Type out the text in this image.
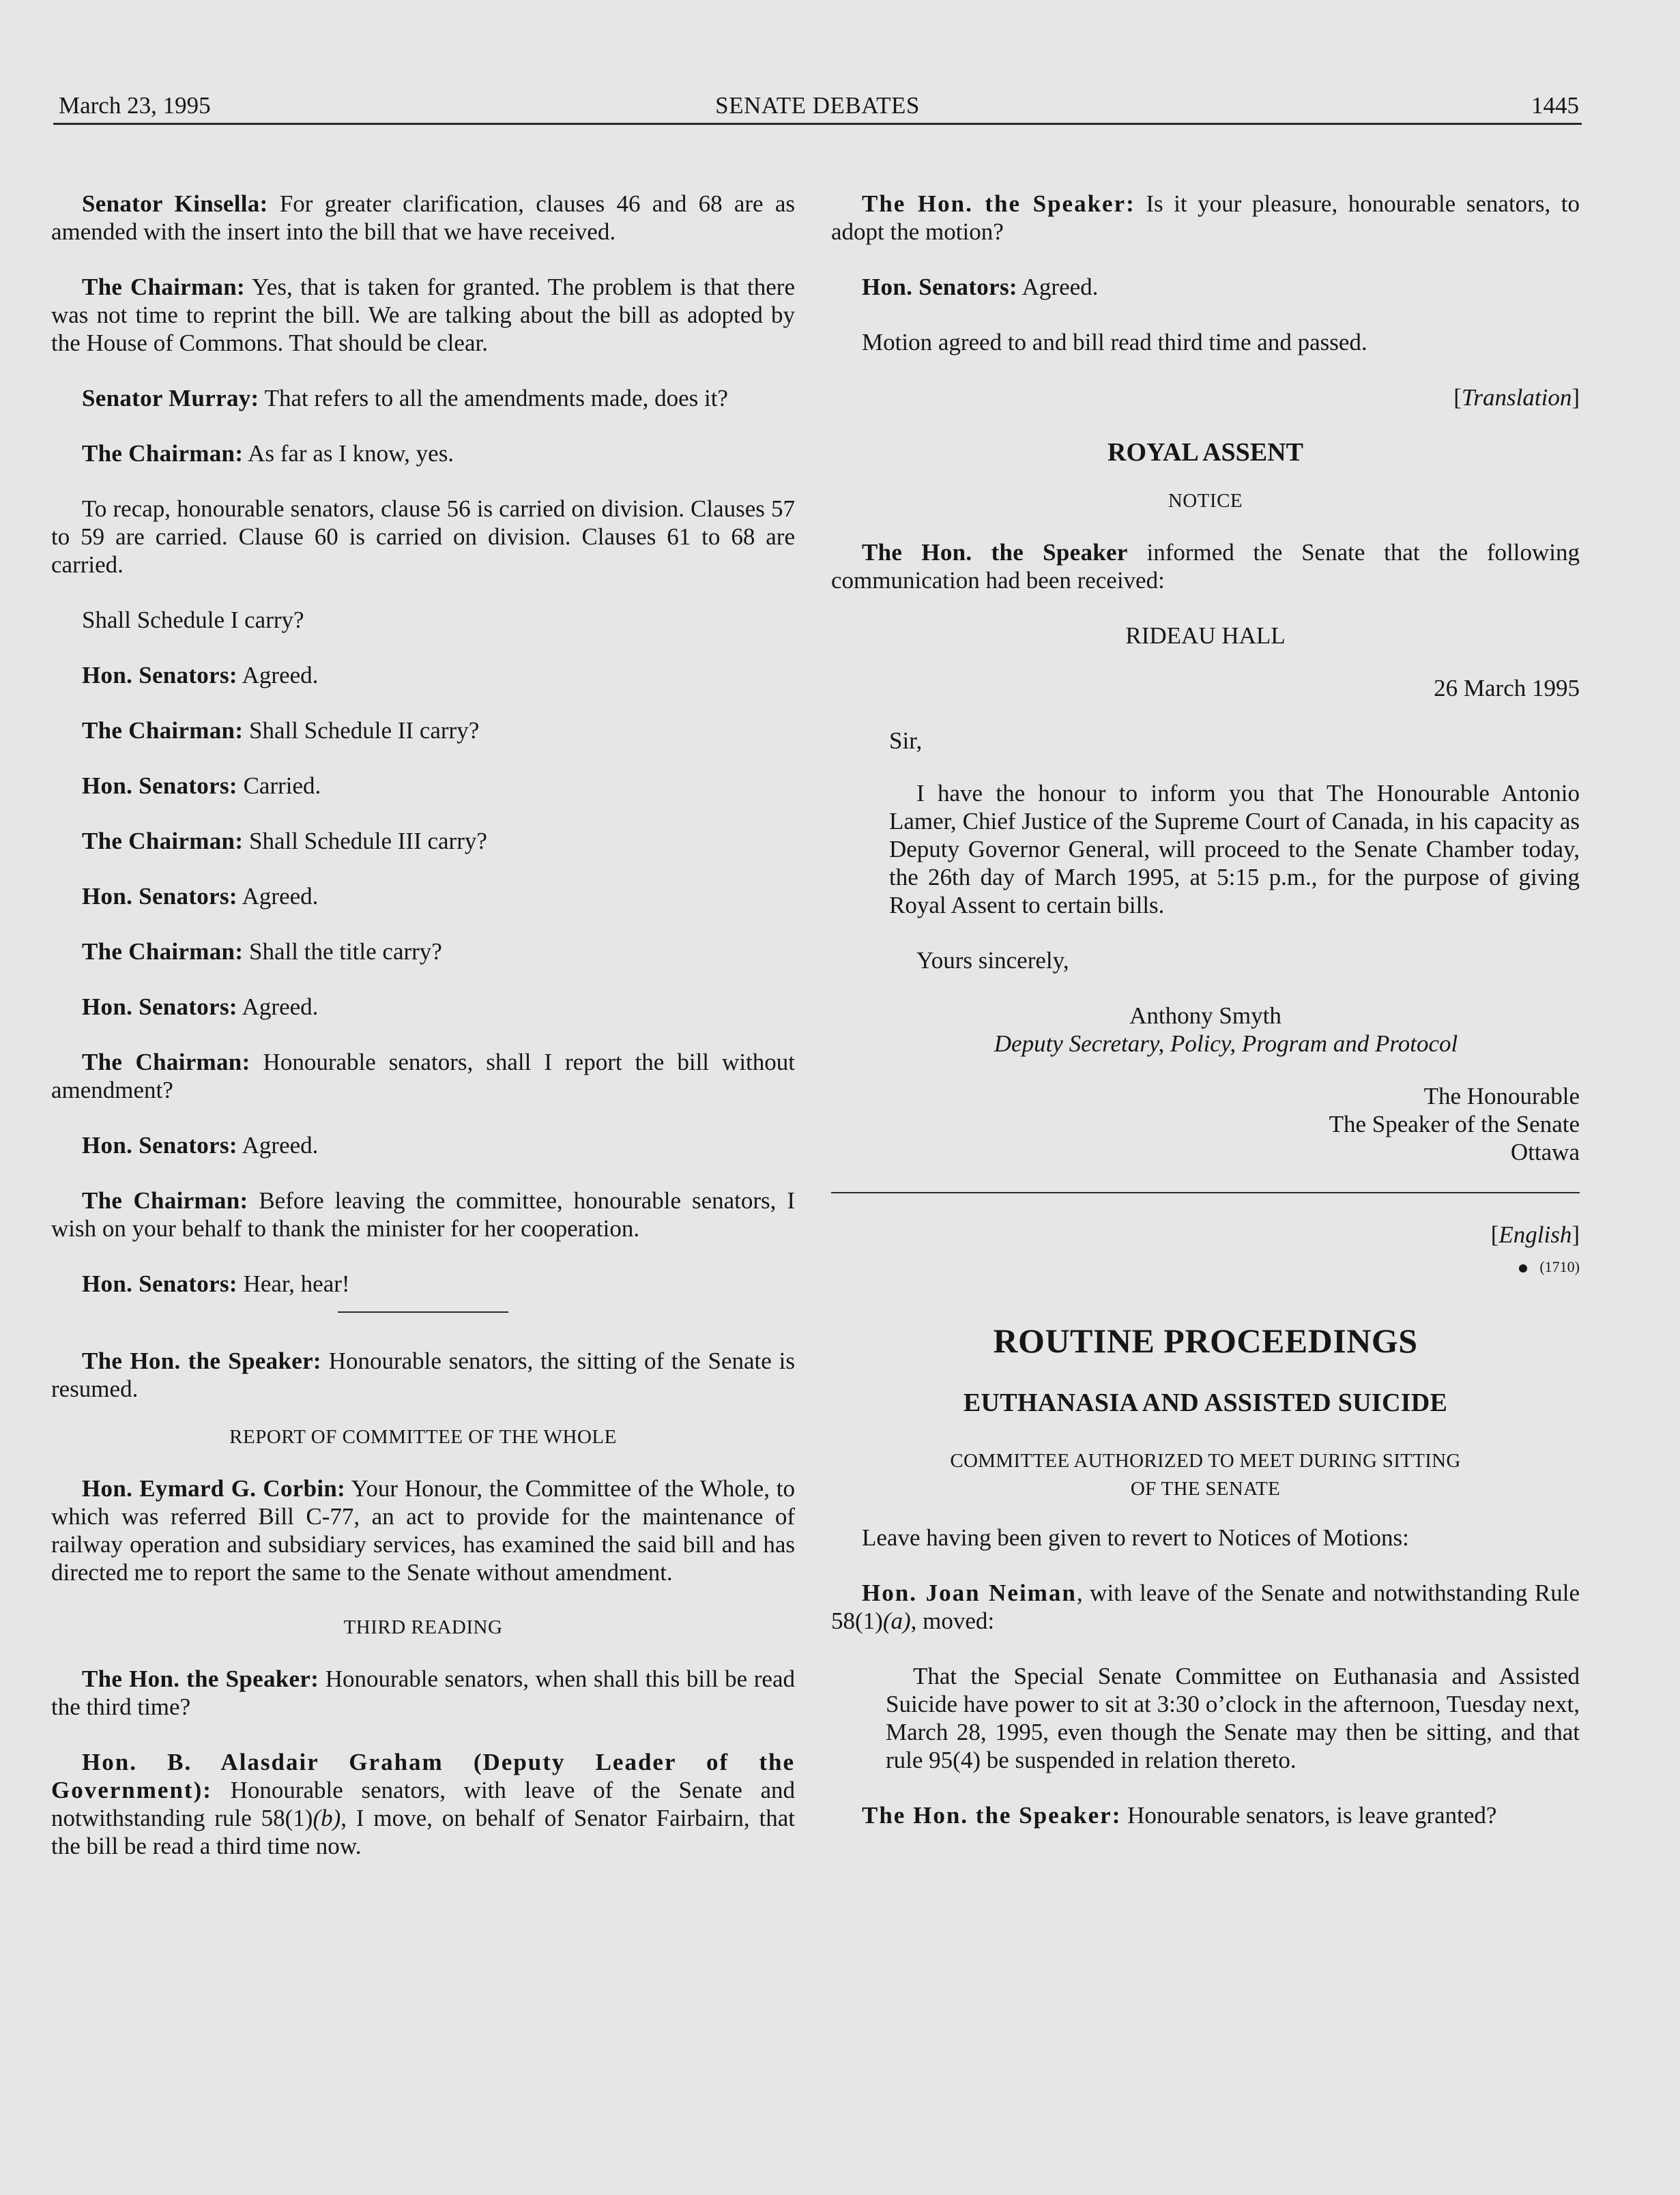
March 23, 1995	SENATE DEBATES	1445

Senator Kinsella: For greater clarification, clauses 46 and 68 are as amended with the insert into the bill that we have received.

The Chairman: Yes, that is taken for granted. The problem is that there was not time to reprint the bill. We are talking about the bill as adopted by the House of Commons. That should be clear.

Senator Murray: That refers to all the amendments made, does it?

The Chairman: As far as I know, yes.

To recap, honourable senators, clause 56 is carried on division. Clauses 57 to 59 are carried. Clause 60 is carried on division. Clauses 61 to 68 are carried.

Shall Schedule I carry?

Hon. Senators: Agreed.

The Chairman: Shall Schedule II carry?

Hon. Senators: Carried.

The Chairman: Shall Schedule III carry?

Hon. Senators: Agreed.

The Chairman: Shall the title carry?

Hon. Senators: Agreed.

The Chairman: Honourable senators, shall I report the bill without amendment?

Hon. Senators: Agreed.

The Chairman: Before leaving the committee, honourable senators, I wish on your behalf to thank the minister for her cooperation.

Hon. Senators: Hear, hear!

The Hon. the Speaker: Honourable senators, the sitting of the Senate is resumed.

REPORT OF COMMITTEE OF THE WHOLE

Hon. Eymard G. Corbin: Your Honour, the Committee of the Whole, to which was referred Bill C-77, an act to provide for the maintenance of railway operation and subsidiary services, has examined the said bill and has directed me to report the same to the Senate without amendment.

THIRD READING

The Hon. the Speaker: Honourable senators, when shall this bill be read the third time?

Hon. B. Alasdair Graham (Deputy Leader of the Government): Honourable senators, with leave of the Senate and notwithstanding rule 58(1)(b), I move, on behalf of Senator Fairbairn, that the bill be read a third time now.

The Hon. the Speaker: Is it your pleasure, honourable senators, to adopt the motion?

Hon. Senators: Agreed.

Motion agreed to and bill read third time and passed.

[Translation]
ROYAL ASSENT
NOTICE

The Hon. the Speaker informed the Senate that the following communication had been received:

RIDEAU HALL
26 March 1995

Sir,

I have the honour to inform you that The Honourable Antonio Lamer, Chief Justice of the Supreme Court of Canada, in his capacity as Deputy Governor General, will proceed to the Senate Chamber today, the 26th day of March 1995, at 5:15 p.m., for the purpose of giving Royal Assent to certain bills.

Yours sincerely,

Anthony Smyth
Deputy Secretary, Policy, Program and Protocol
The Honourable
The Speaker of the Senate
Ottawa
[English]
(1710)
ROUTINE PROCEEDINGS
EUTHANASIA AND ASSISTED SUICIDE
COMMITTEE AUTHORIZED TO MEET DURING SITTING
OF THE SENATE

Leave having been given to revert to Notices of Motions:

Hon. Joan Neiman, with leave of the Senate and notwithstanding Rule 58(1)(a), moved:

That the Special Senate Committee on Euthanasia and Assisted Suicide have power to sit at 3:30 o’clock in the afternoon, Tuesday next, March 28, 1995, even though the Senate may then be sitting, and that rule 95(4) be suspended in relation thereto.

The Hon. the Speaker: Honourable senators, is leave granted?
